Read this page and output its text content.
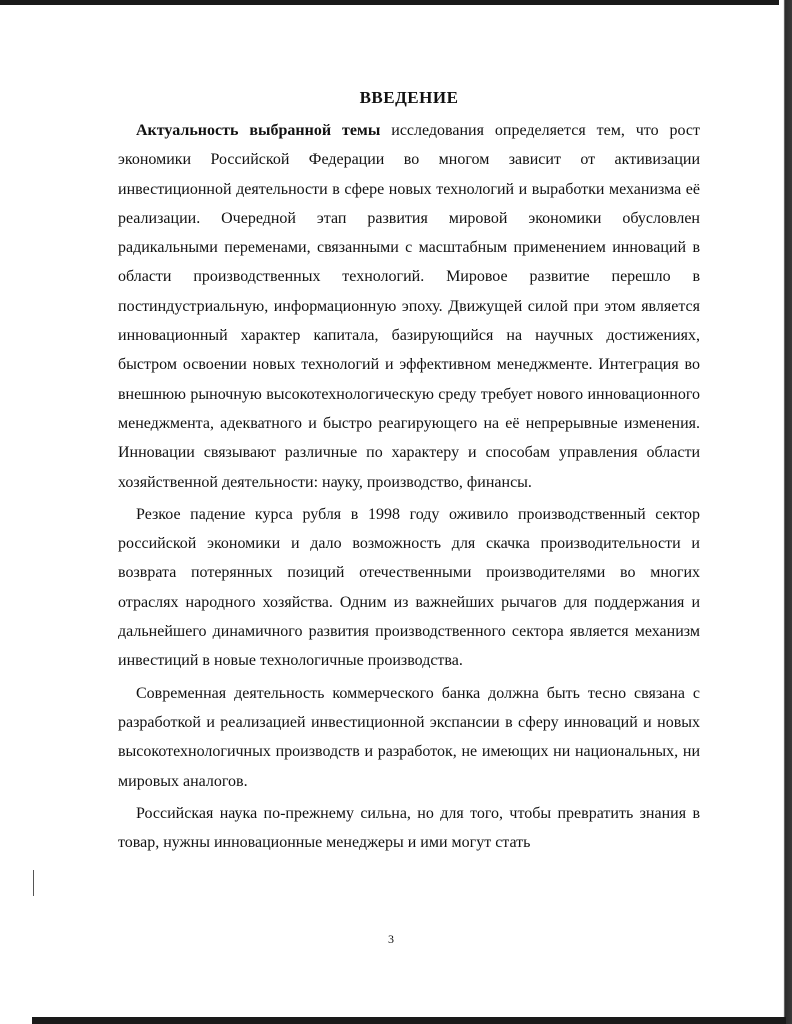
ВВЕДЕНИЕ

Актуальность выбранной темы исследования определяется тем, что рост экономики Российской Федерации во многом зависит от активизации инвестиционной деятельности в сфере новых технологий и выработки механизма её реализации. Очередной этап развития мировой экономики обусловлен радикальными переменами, связанными с масштабным применением инноваций в области производственных технологий. Мировое развитие перешло в постиндустриальную, информационную эпоху. Движущей силой при этом является инновационный характер капитала, базирующийся на научных достижениях, быстром освоении новых технологий и эффективном менеджменте. Интеграция во внешнюю рыночную высокотехнологическую среду требует нового инновационного менеджмента, адекватного и быстро реагирующего на её непрерывные изменения. Инновации связывают различные по характеру и способам управления области хозяйственной деятельности: науку, производство, финансы.

Резкое падение курса рубля в 1998 году оживило производственный сектор российской экономики и дало возможность для скачка производительности и возврата потерянных позиций отечественными производителями во многих отраслях народного хозяйства. Одним из важнейших рычагов для поддержания и дальнейшего динамичного развития производственного сектора является механизм инвестиций в новые технологичные производства.

Современная деятельность коммерческого банка должна быть тесно связана с разработкой и реализацией инвестиционной экспансии в сферу инноваций и новых высокотехнологичных производств и разработок, не имеющих ни национальных, ни мировых аналогов.

Российская наука по-прежнему сильна, но для того, чтобы превратить знания в товар, нужны инновационные менеджеры и ими могут стать

3
